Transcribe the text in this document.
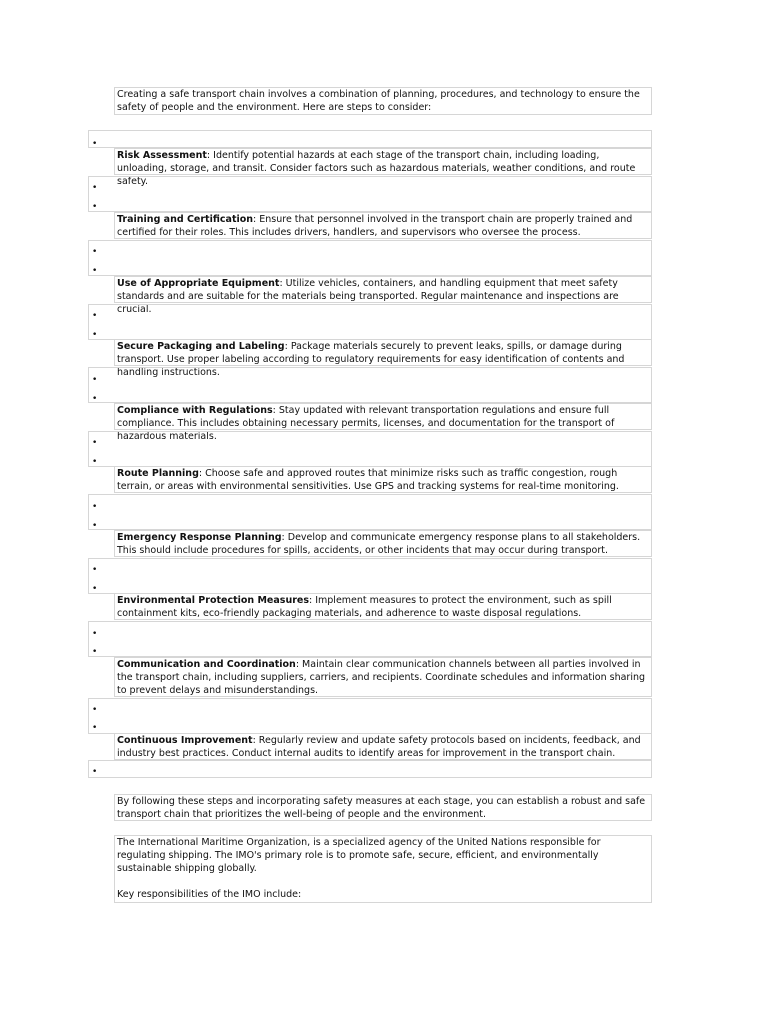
Creating a safe transport chain involves a combination of planning, procedures, and technology to ensure the safety of people and the environment. Here are steps to consider:
•
Risk Assessment: Identify potential hazards at each stage of the transport chain, including loading, unloading, storage, and transit. Consider factors such as hazardous materials, weather conditions, and route safety.
•
•
Training and Certification: Ensure that personnel involved in the transport chain are properly trained and certified for their roles. This includes drivers, handlers, and supervisors who oversee the process.
•
•
Use of Appropriate Equipment: Utilize vehicles, containers, and handling equipment that meet safety standards and are suitable for the materials being transported. Regular maintenance and inspections are crucial.
•
•
Secure Packaging and Labeling: Package materials securely to prevent leaks, spills, or damage during transport. Use proper labeling according to regulatory requirements for easy identification of contents and handling instructions.
•
•
Compliance with Regulations: Stay updated with relevant transportation regulations and ensure full compliance. This includes obtaining necessary permits, licenses, and documentation for the transport of hazardous materials.
•
•
Route Planning: Choose safe and approved routes that minimize risks such as traffic congestion, rough terrain, or areas with environmental sensitivities. Use GPS and tracking systems for real-time monitoring.
•
•
Emergency Response Planning: Develop and communicate emergency response plans to all stakeholders. This should include procedures for spills, accidents, or other incidents that may occur during transport.
•
•
Environmental Protection Measures: Implement measures to protect the environment, such as spill containment kits, eco-friendly packaging materials, and adherence to waste disposal regulations.
•
•
Communication and Coordination: Maintain clear communication channels between all parties involved in the transport chain, including suppliers, carriers, and recipients. Coordinate schedules and information sharing to prevent delays and misunderstandings.
•
•
Continuous Improvement: Regularly review and update safety protocols based on incidents, feedback, and industry best practices. Conduct internal audits to identify areas for improvement in the transport chain.
•
By following these steps and incorporating safety measures at each stage, you can establish a robust and safe transport chain that prioritizes the well-being of people and the environment.
The International Maritime Organization, is a specialized agency of the United Nations responsible for regulating shipping. The IMO's primary role is to promote safe, secure, efficient, and environmentally sustainable shipping globally.
Key responsibilities of the IMO include:
